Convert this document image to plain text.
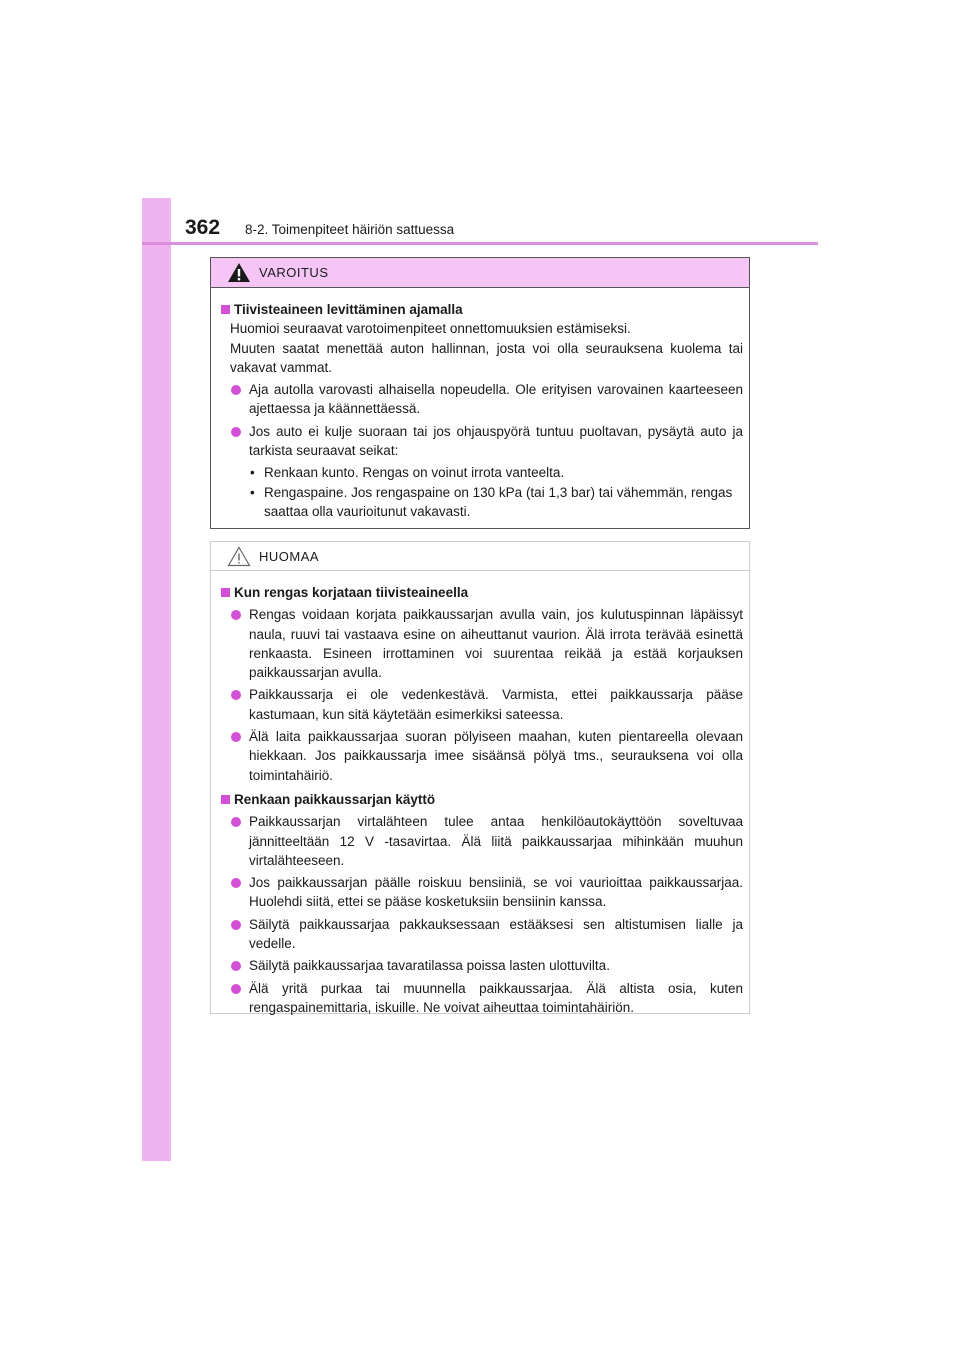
362 8-2. Toimenpiteet häiriön sattuessa
VAROITUS
Tiivisteaineen levittäminen ajamalla
Huomioi seuraavat varotoimenpiteet onnettomuuksien estämiseksi.
Muuten saatat menettää auton hallinnan, josta voi olla seurauksena kuolema tai vakavat vammat.
Aja autolla varovasti alhaisella nopeudella. Ole erityisen varovainen kaarteeseen ajettaessa ja käännettäessä.
Jos auto ei kulje suoraan tai jos ohjauspyörä tuntuu puoltavan, pysäytä auto ja tarkista seuraavat seikat:
• Renkaan kunto. Rengas on voinut irrota vanteelta.
• Rengaspaine. Jos rengaspaine on 130 kPa (tai 1,3 bar) tai vähemmän, rengas saattaa olla vaurioitunut vakavasti.
HUOMAA
Kun rengas korjataan tiivisteaineella
Rengas voidaan korjata paikkaussarjan avulla vain, jos kulutuspinnan läpäissyt naula, ruuvi tai vastaava esine on aiheuttanut vaurion. Älä irrota terävää esinettä renkaasta. Esineen irrottaminen voi suurentaa reikää ja estää korjauksen paikkaussarjan avulla.
Paikkaussarja ei ole vedenkestävä. Varmista, ettei paikkaussarja pääse kastumaan, kun sitä käytetään esimerkiksi sateessa.
Älä laita paikkaussarjaa suoran pölyiseen maahan, kuten pientareella olevaan hiekkaan. Jos paikkaussarja imee sisäänsä pölyä tms., seurauksena voi olla toimintahäiriö.
Renkaan paikkaussarjan käyttö
Paikkaussarjan virtalähteen tulee antaa henkilöautokäyttöön soveltuvaa jännitteeltään 12 V -tasavirtaa. Älä liitä paikkaussarjaa mihinkään muuhun virtalähteeseen.
Jos paikkaussarjan päälle roiskuu bensiiniä, se voi vaurioittaa paikkaussarjaa. Huolehdi siitä, ettei se pääse kosketuksiin bensiinin kanssa.
Säilytä paikkaussarjaa pakkauksessaan estääksesi sen altistumisen lialle ja vedelle.
Säilytä paikkaussarjaa tavaratilassa poissa lasten ulottuvilta.
Älä yritä purkaa tai muunnella paikkaussarjaa. Älä altista osia, kuten rengaspainemittaria, iskuille. Ne voivat aiheuttaa toimintahäiriön.
